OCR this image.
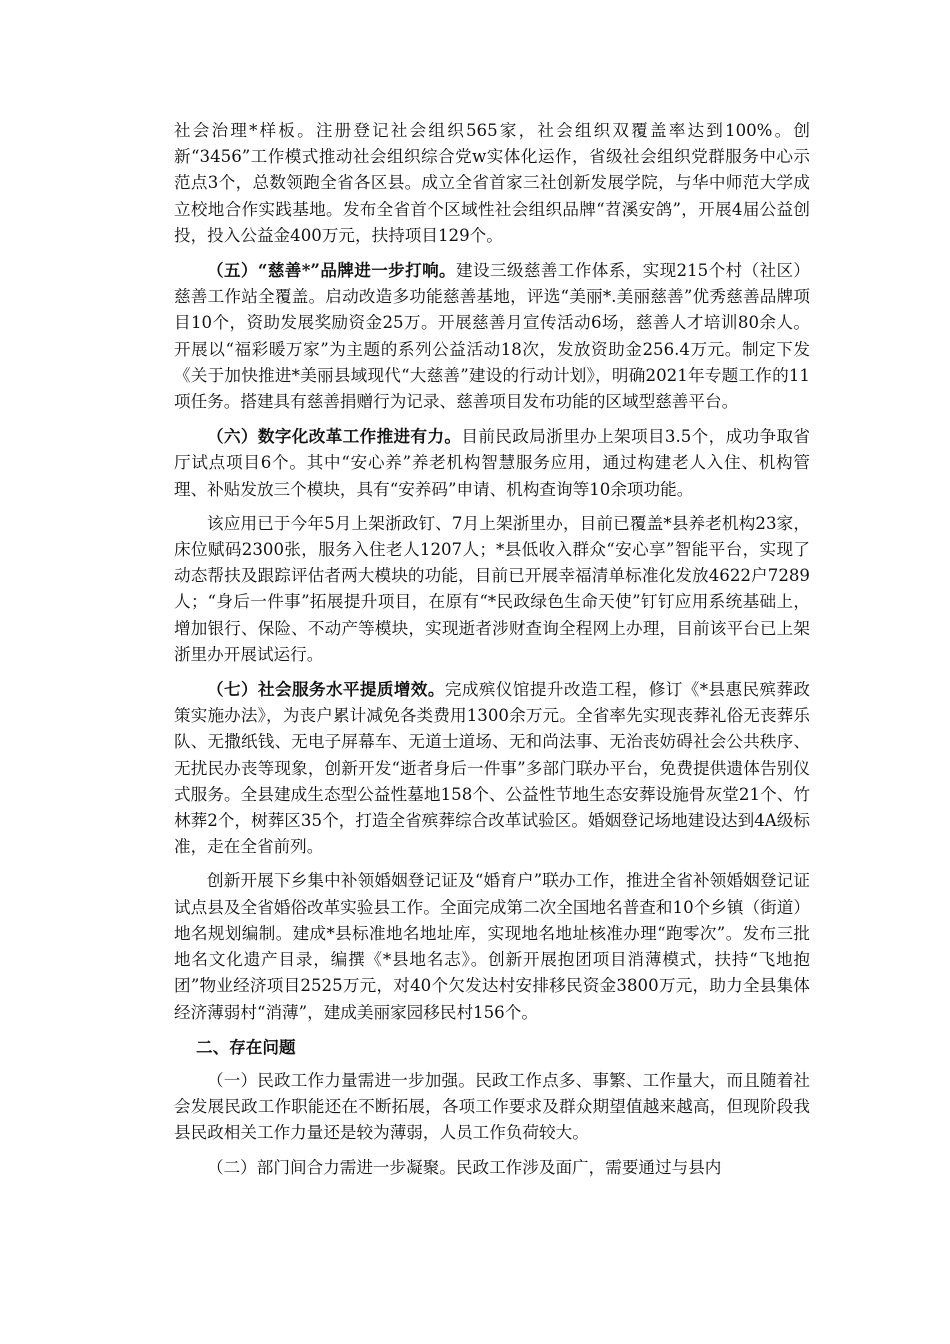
社会治理*样板。注册登记社会组织565家，社会组织双覆盖率达到100%。创新“3456”工作模式推动社会组织综合党w实体化运作，省级社会组织党群服务中心示范点3个，总数领跑全省各区县。成立全省首家三社创新发展学院，与华中师范大学成立校地合作实践基地。发布全省首个区域性社会组织品牌“苕溪安鸽”，开展4届公益创投，投入公益金400万元，扶持项目129个。

（五）“慈善*”品牌进一步打响。建设三级慈善工作体系，实现215个村（社区）慈善工作站全覆盖。启动改造多功能慈善基地，评选“美丽*.美丽慈善”优秀慈善品牌项目10个，资助发展奖励资金25万。开展慈善月宣传活动6场，慈善人才培训80余人。开展以“福彩暖万家”为主题的系列公益活动18次，发放资助金256.4万元。制定下发《关于加快推进*美丽县域现代“大慈善”建设的行动计划》，明确2021年专题工作的11项任务。搭建具有慈善捐赠行为记录、慈善项目发布功能的区域型慈善平台。

（六）数字化改革工作推进有力。目前民政局浙里办上架项目3.5个，成功争取省厅试点项目6个。其中“安心养”养老机构智慧服务应用，通过构建老人入住、机构管理、补贴发放三个模块，具有“安养码”申请、机构查询等10余项功能。

该应用已于今年5月上架浙政钉、7月上架浙里办，目前已覆盖*县养老机构23家，床位赋码2300张，服务入住老人1207人；*县低收入群众“安心享”智能平台，实现了动态帮扶及跟踪评估者两大模块的功能，目前已开展幸福清单标准化发放4622户7289人；“身后一件事”拓展提升项目，在原有“*民政绿色生命天使”钉钉应用系统基础上，增加银行、保险、不动产等模块，实现逝者涉财查询全程网上办理，目前该平台已上架浙里办开展试运行。

（七）社会服务水平提质增效。完成殡仪馆提升改造工程，修订《*县惠民殡葬政策实施办法》，为丧户累计减免各类费用1300余万元。全省率先实现丧葬礼俗无丧葬乐队、无撒纸钱、无电子屏幕车、无道士道场、无和尚法事、无治丧妨碍社会公共秩序、无扰民办丧等现象，创新开发“逝者身后一件事”多部门联办平台，免费提供遗体告别仪式服务。全县建成生态型公益性墓地158个、公益性节地生态安葬设施骨灰堂21个、竹林葬2个，树葬区35个，打造全省殡葬综合改革试验区。婚姻登记场地建设达到4A级标准，走在全省前列。

创新开展下乡集中补领婚姻登记证及“婚育户”联办工作，推进全省补领婚姻登记证试点县及全省婚俗改革实验县工作。全面完成第二次全国地名普查和10个乡镇（街道）地名规划编制。建成*县标准地名地址库，实现地名地址核准办理“跑零次”。发布三批地名文化遗产目录，编撰《*县地名志》。创新开展抱团项目消薄模式，扶持“飞地抱团”物业经济项目2525万元，对40个欠发达村安排移民资金3800万元，助力全县集体经济薄弱村“消薄”，建成美丽家园移民村156个。

二、存在问题

（一）民政工作力量需进一步加强。民政工作点多、事繁、工作量大，而且随着社会发展民政工作职能还在不断拓展，各项工作要求及群众期望值越来越高，但现阶段我县民政相关工作力量还是较为薄弱，人员工作负荷较大。

（二）部门间合力需进一步凝聚。民政工作涉及面广，需要通过与县内
